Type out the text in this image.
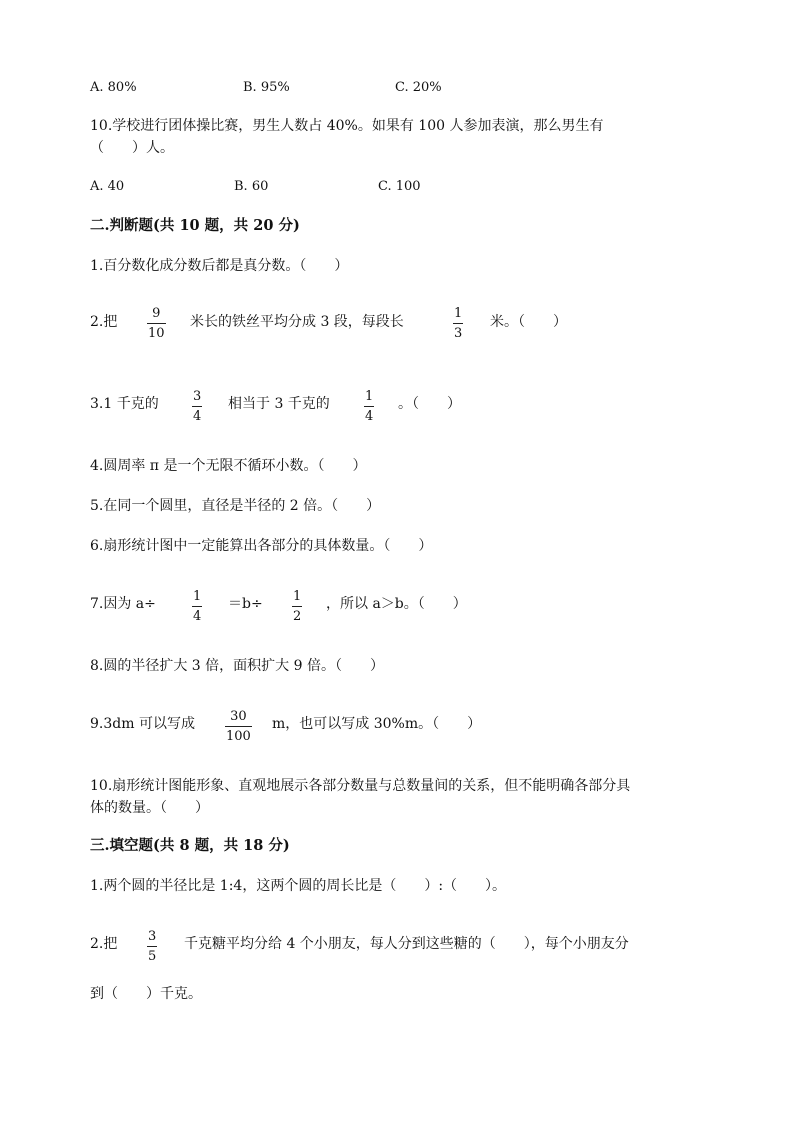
A. 80%	B. 95%	C. 20%
10.学校进行团体操比赛，男生人数占 40%。如果有 100 人参加表演，那么男生有
（　　）人。
A. 40	B. 60	C. 100
二.判断题(共 10 题，共 20 分)
1.百分数化成分数后都是真分数。（　　）
2.把
9
10
米长的铁丝平均分成 3 段，每段长
1
3
米。（　　）
3.1 千克的	3
4
相当于 3 千克的	1
4
。（　　）
4.圆周率 π 是一个无限不循环小数。（　　）
5.在同一个圆里，直径是半径的 2 倍。（　　）
6.扇形统计图中一定能算出各部分的具体数量。（　　）
7.因为 a÷	1
4
＝b÷ 1
2
，所以 a＞b。（　　）
8.圆的半径扩大 3 倍，面积扩大 9 倍。（　　）
9.3dm 可以写成	30
100
m，也可以写成 30%m。（　　）
10.扇形统计图能形象、直观地展示各部分数量与总数量间的关系，但不能明确各部分具
体的数量。（　　）
三.填空题(共 8 题，共 18 分)
1.两个圆的半径比是 1:4，这两个圆的周长比是（　　）:（　　）。
2.把 3
5
千克糖平均分给 4 个小朋友，每人分到这些糖的（　　），每个小朋友分
到（　　）千克。
